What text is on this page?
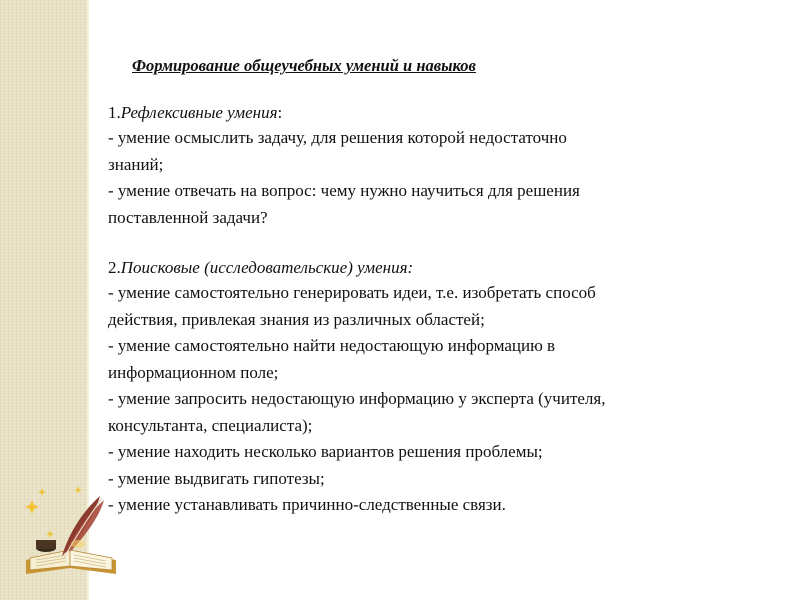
Формирование общеучебных умений и навыков

1.Рефлексивные умения:

- умение осмыслить задачу, для решения которой недостаточно

знаний;

- умение отвечать на вопрос: чему нужно научиться для решения

поставленной задачи?

2.Поисковые (исследовательские) умения:

- умение самостоятельно генерировать идеи, т.е. изобретать способ

действия, привлекая знания из различных областей;

- умение самостоятельно найти недостающую информацию в

информационном поле;

- умение запросить недостающую информацию у эксперта (учителя,

консультанта, специалиста);

- умение находить несколько вариантов решения проблемы;

- умение выдвигать гипотезы;

- умение устанавливать причинно-следственные связи.
